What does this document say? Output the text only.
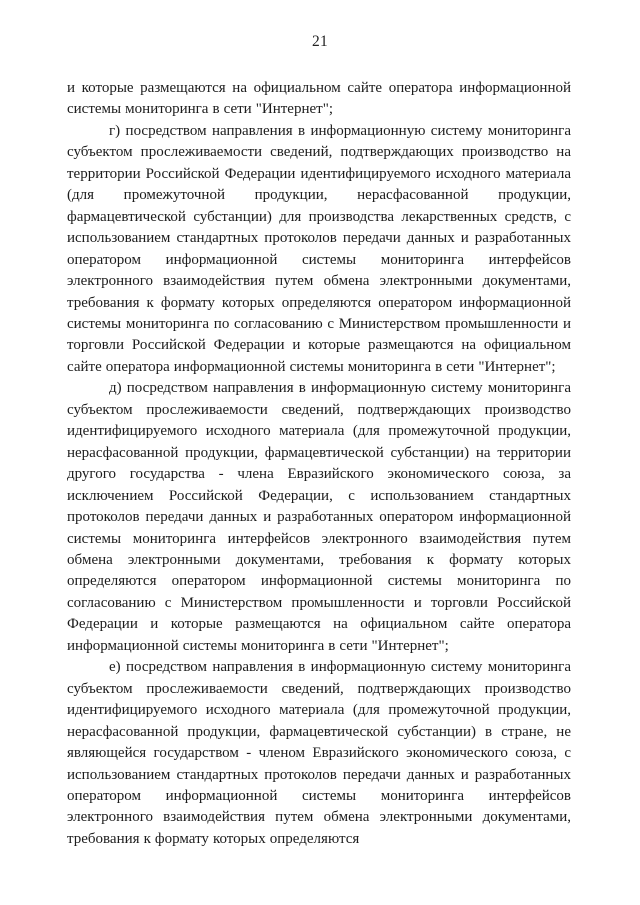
21

и которые размещаются на официальном сайте оператора информационной системы мониторинга в сети "Интернет";

г) посредством направления в информационную систему мониторинга субъектом прослеживаемости сведений, подтверждающих производство на территории Российской Федерации идентифицируемого исходного материала (для промежуточной продукции, нерасфасованной продукции, фармацевтической субстанции) для производства лекарственных средств, с использованием стандартных протоколов передачи данных и разработанных оператором информационной системы мониторинга интерфейсов электронного взаимодействия путем обмена электронными документами, требования к формату которых определяются оператором информационной системы мониторинга по согласованию с Министерством промышленности и торговли Российской Федерации и которые размещаются на официальном сайте оператора информационной системы мониторинга в сети "Интернет";

д) посредством направления в информационную систему мониторинга субъектом прослеживаемости сведений, подтверждающих производство идентифицируемого исходного материала (для промежуточной продукции, нерасфасованной продукции, фармацевтической субстанции) на территории другого государства - члена Евразийского экономического союза, за исключением Российской Федерации, с использованием стандартных протоколов передачи данных и разработанных оператором информационной системы мониторинга интерфейсов электронного взаимодействия путем обмена электронными документами, требования к формату которых определяются оператором информационной системы мониторинга по согласованию с Министерством промышленности и торговли Российской Федерации и которые размещаются на официальном сайте оператора информационной системы мониторинга в сети "Интернет";

е) посредством направления в информационную систему мониторинга субъектом прослеживаемости сведений, подтверждающих производство идентифицируемого исходного материала (для промежуточной продукции, нерасфасованной продукции, фармацевтической субстанции) в стране, не являющейся государством - членом Евразийского экономического союза, с использованием стандартных протоколов передачи данных и разработанных оператором информационной системы мониторинга интерфейсов электронного взаимодействия путем обмена электронными документами, требования к формату которых определяются
